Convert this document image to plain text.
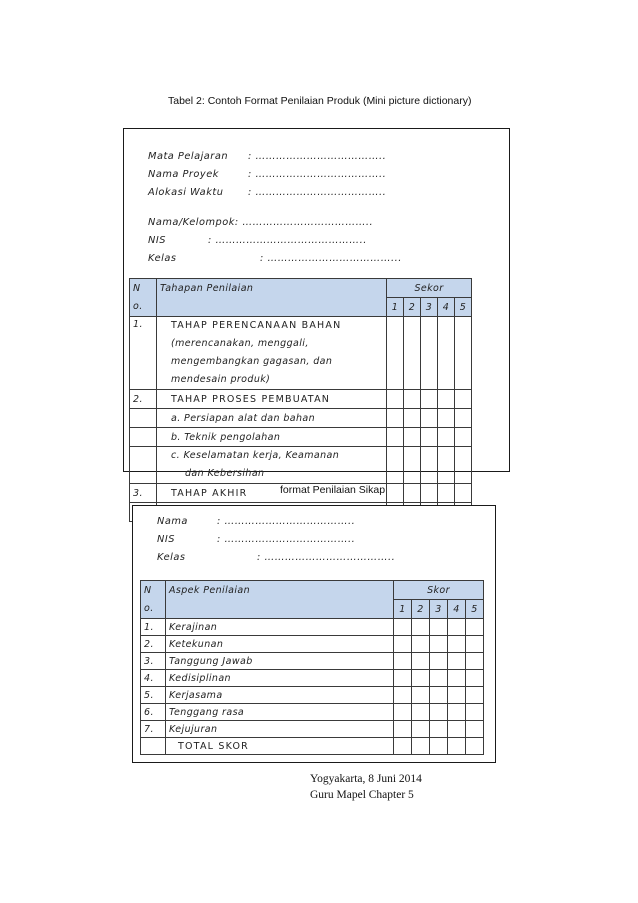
Tabel 2: Contoh Format Penilaian Produk (Mini picture dictionary)
Mata Pelajaran : ………………………………..
Nama Proyek	: ………………………………..
Alokasi Waktu	: ………………………………..
Nama/Kelompok: ………………………………..
NIS	: ……………………………………..
Kelas	: ………………………………...
N	Tahapan Penilaian	Sekor				
o.		1	2	3	4	5
1.	TAHAP PERENCANAAN BAHAN
(merencanakan, menggali, mengembangkan gagasan, dan mendesain produk)					
2.	TAHAP PROSES PEMBUATAN					
	a. Persiapan alat dan bahan					
	b. Teknik pengolahan					
	c. Keselamatan kerja, Keamanan
dan Kebersihan					
3.	TAHAP AKHIR					

Nama	: ………………………………..
NIS	: ………………………………..
Kelas	: ………………………………..
format Penilaian Sikap
N	Aspek Penilaian	Skor				
o.		1	2	3	4	5
1.	Kerajinan					
2.	Ketekunan					
3.	Tanggung Jawab					
4.	Kedisiplinan					
5.	Kerjasama					
6.	Tenggang rasa					
7.	Kejujuran					
	TOTAL SKOR					
Yogyakarta, 8 Juni 2014
Guru Mapel Chapter 5
